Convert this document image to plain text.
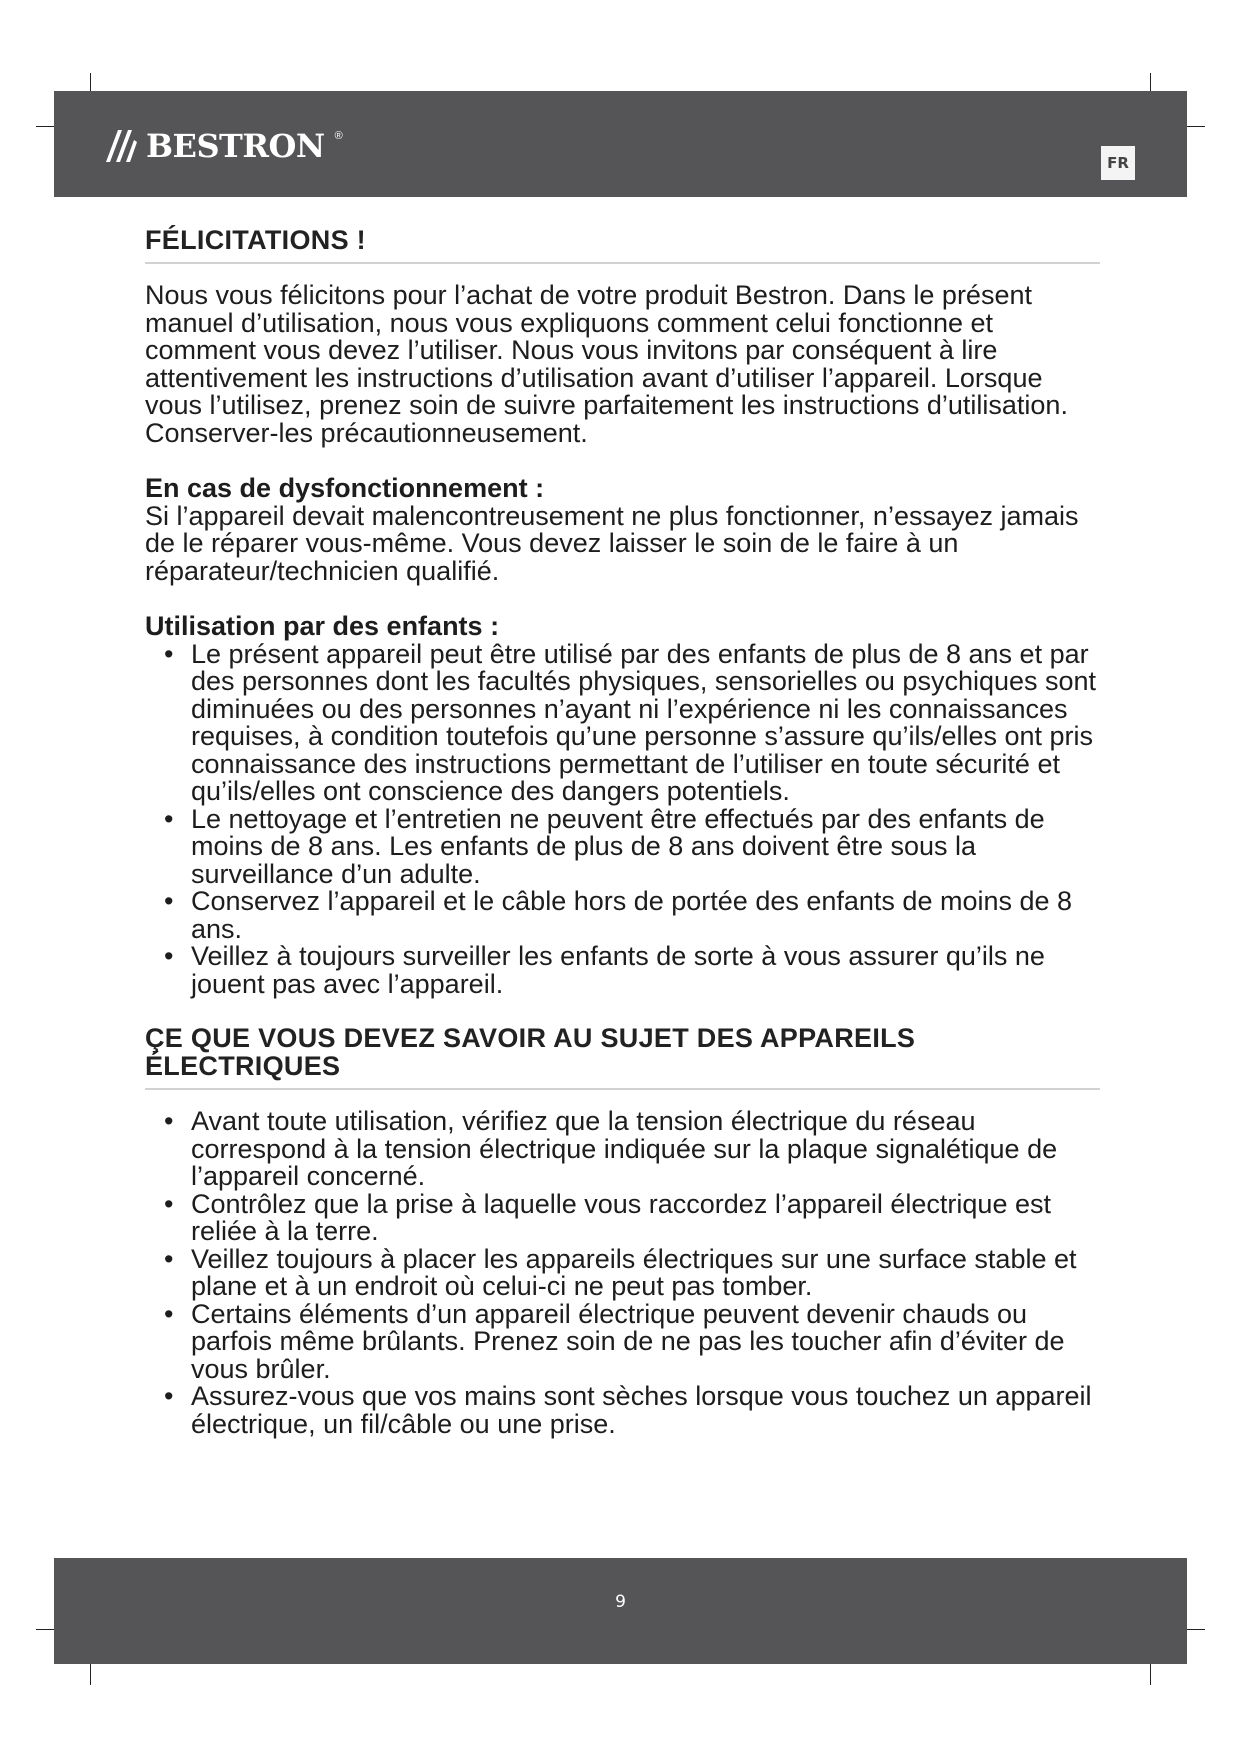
BESTRON ®
FR
FÉLICITATIONS !

Nous vous félicitons pour l’achat de votre produit Bestron. Dans le présent manuel d’utilisation, nous vous expliquons comment celui fonctionne et comment vous devez l’utiliser. Nous vous invitons par conséquent à lire attentivement les instructions d’utilisation avant d’utiliser l’appareil. Lorsque vous l’utilisez, prenez soin de suivre parfaitement les instructions d’utilisation. Conserver-les précautionneusement.

En cas de dysfonctionnement :

Si l’appareil devait malencontreusement ne plus fonctionner, n’essayez jamais de le réparer vous-même. Vous devez laisser le soin de le faire à un réparateur/technicien qualifié.

Utilisation par des enfants :

• Le présent appareil peut être utilisé par des enfants de plus de 8 ans et par des personnes dont les facultés physiques, sensorielles ou psychiques sont diminuées ou des personnes n’ayant ni l’expérience ni les connaissances requises, à condition toutefois qu’une personne s’assure qu’ils/elles ont pris connaissance des instructions permettant de l’utiliser en toute sécurité et qu’ils/elles ont conscience des dangers potentiels.
• Le nettoyage et l’entretien ne peuvent être effectués par des enfants de moins de 8 ans. Les enfants de plus de 8 ans doivent être sous la surveillance d’un adulte.
• Conservez l’appareil et le câble hors de portée des enfants de moins de 8 ans.
• Veillez à toujours surveiller les enfants de sorte à vous assurer qu’ils ne jouent pas avec l’appareil.
ÇE QUE VOUS DEVEZ SAVOIR AU SUJET DES APPAREILS ÉLECTRIQUES
• Avant toute utilisation, vérifiez que la tension électrique du réseau correspond à la tension électrique indiquée sur la plaque signalétique de l’appareil concerné.
• Contrôlez que la prise à laquelle vous raccordez l’appareil électrique est reliée à la terre.
• Veillez toujours à placer les appareils électriques sur une surface stable et plane et à un endroit où celui-ci ne peut pas tomber.
• Certains éléments d’un appareil électrique peuvent devenir chauds ou parfois même brûlants. Prenez soin de ne pas les toucher afin d’éviter de vous brûler.
• Assurez-vous que vos mains sont sèches lorsque vous touchez un appareil électrique, un fil/câble ou une prise.
9
